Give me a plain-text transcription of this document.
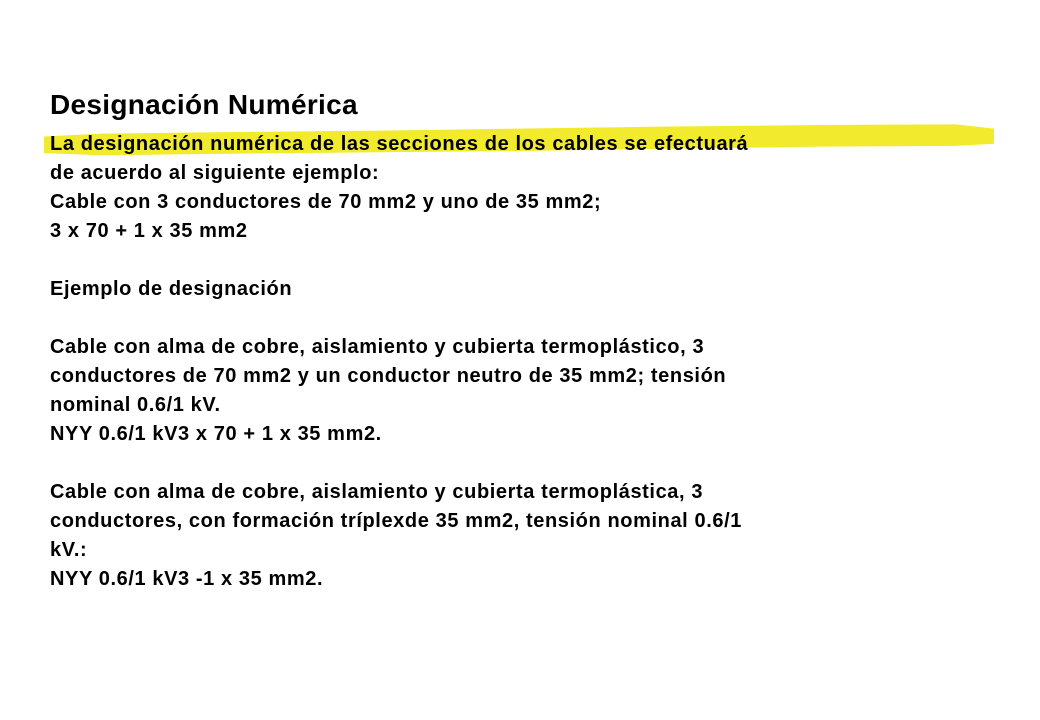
Designación Numérica
La designación numérica de las secciones de los cables se efectuará
de acuerdo al siguiente ejemplo:
Cable con 3 conductores de 70 mm2 y uno de 35 mm2;
3 x 70 + 1 x 35 mm2
Ejemplo de designación
Cable con alma de cobre, aislamiento y cubierta termoplástico, 3
conductores de 70 mm2 y un conductor neutro de 35 mm2; tensión
nominal 0.6/1 kV.
NYY 0.6/1 kV3 x 70 + 1 x 35 mm2.
Cable con alma de cobre, aislamiento y cubierta termoplástica, 3
conductores, con formación tríplexde 35 mm2, tensión nominal 0.6/1
kV.:
NYY 0.6/1 kV3 -1 x 35 mm2.
